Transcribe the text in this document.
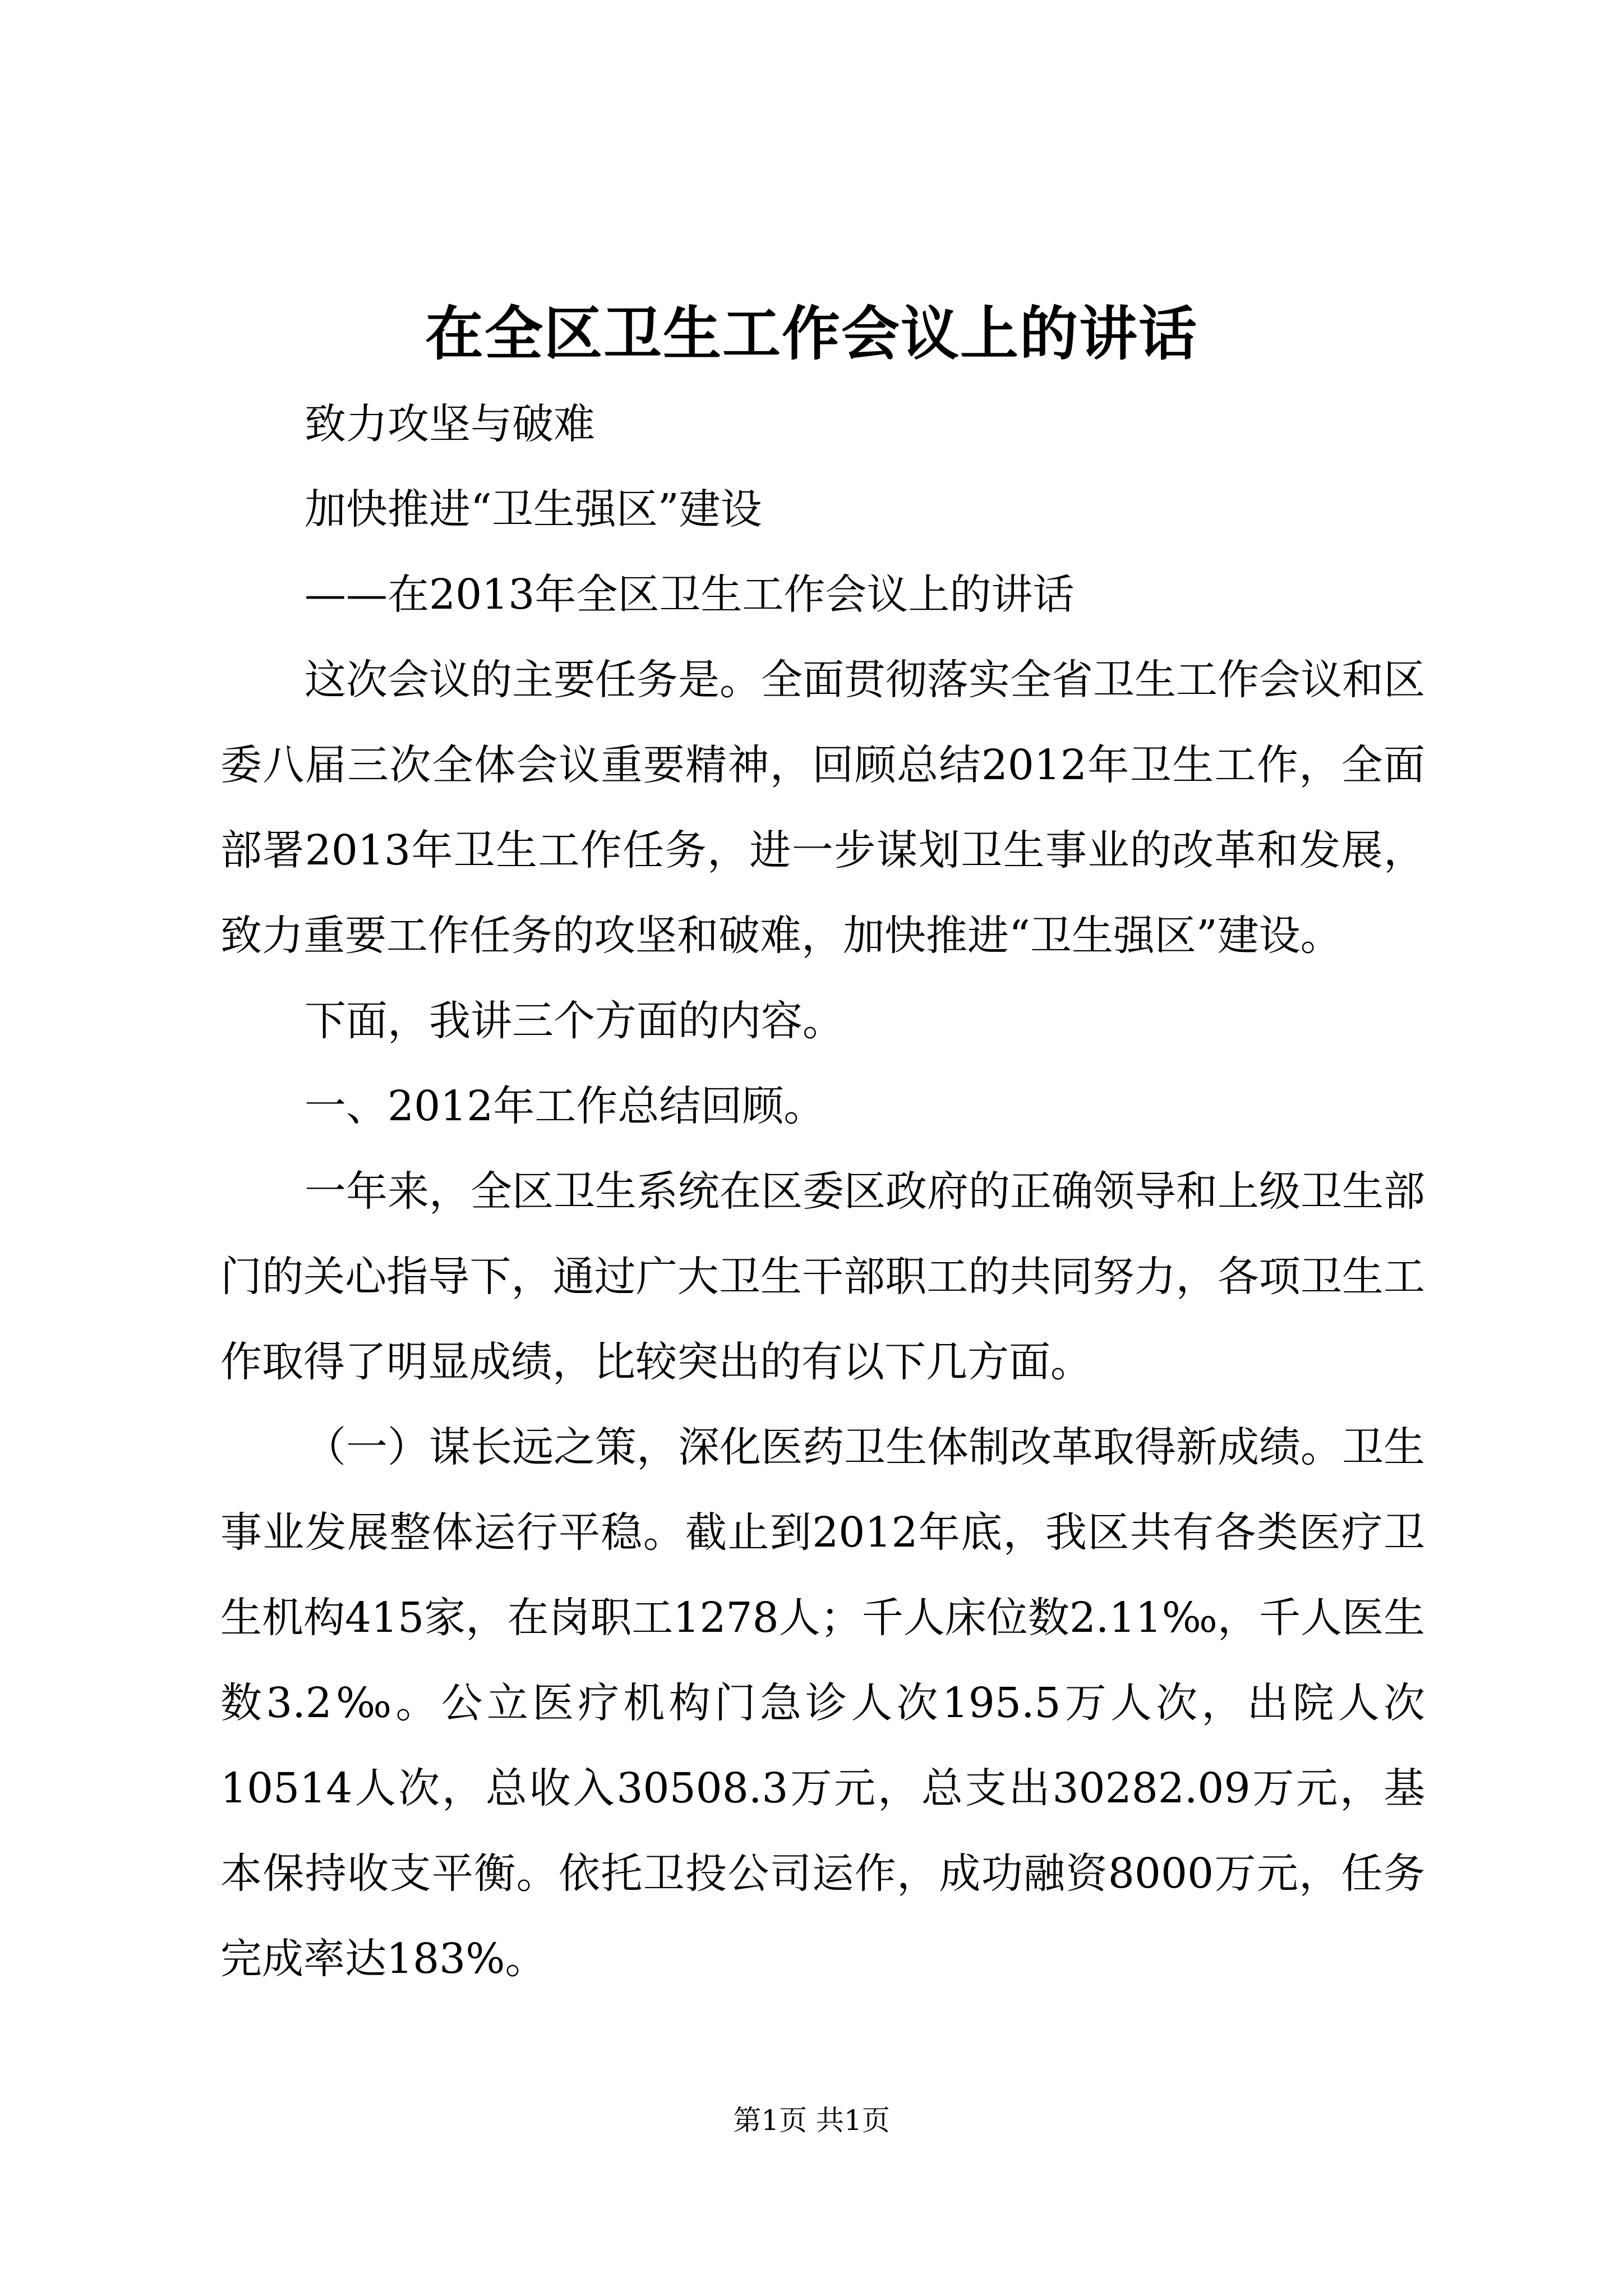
在全区卫生工作会议上的讲话

致力攻坚与破难

加快推进“卫生强区”建设

——在2013年全区卫生工作会议上的讲话

这次会议的主要任务是。全面贯彻落实全省卫生工作会议和区委八届三次全体会议重要精神，回顾总结2012年卫生工作，全面部署2013年卫生工作任务，进一步谋划卫生事业的改革和发展，致力重要工作任务的攻坚和破难，加快推进“卫生强区”建设。

下面，我讲三个方面的内容。

一、2012年工作总结回顾。

一年来，全区卫生系统在区委区政府的正确领导和上级卫生部门的关心指导下，通过广大卫生干部职工的共同努力，各项卫生工作取得了明显成绩，比较突出的有以下几方面。

（一）谋长远之策，深化医药卫生体制改革取得新成绩。卫生事业发展整体运行平稳。截止到2012年底，我区共有各类医疗卫生机构415家，在岗职工1278人；千人床位数2.11‰，千人医生数3.2‰。公立医疗机构门急诊人次195.5万人次，出院人次10514人次，总收入30508.3万元，总支出30282.09万元，基本保持收支平衡。依托卫投公司运作，成功融资8000万元，任务完成率达183%。

第1页 共1页
